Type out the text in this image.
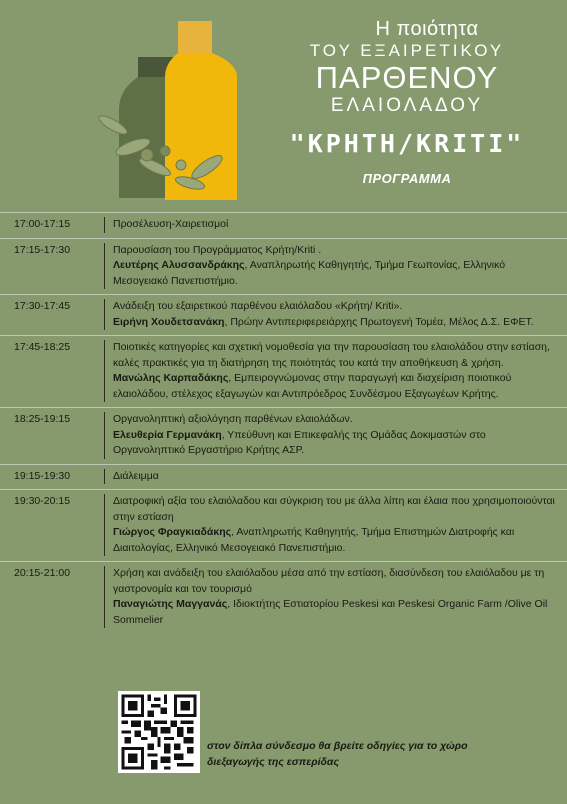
Η ποιότητα
ΤΟΥ ΕΞΑΙΡΕΤΙΚΟΥ
ΠΑΡΘΕΝΟΥ
ΕΛΑΙΟΛΑΔΟΥ
"ΚΡΗΤΗ/KRITI"
ΠΡΟΓΡΑΜΜΑ
17:00-17:15	Προσέλευση-Χαιρετισμοί
17:15-17:30	Παρουσίαση του Προγράμματος Κρήτη/Kriti .
Λευτέρης Αλυσσανδράκης, Αναπληρωτής Καθηγητής, Τμήμα Γεωπονίας, Ελληνικό Μεσογειακό Πανεπιστήμιο.
17:30-17:45	Ανάδειξη του εξαιρετικού παρθένου ελαιόλαδου «Κρήτη/ Kriti».
Ειρήνη Χουδετσανάκη, Πρώην Αντιπεριφερειάρχης Πρωτογενή Τομέα, Μέλος Δ.Σ. ΕΦΕΤ.
17:45-18:25	Ποιοτικές κατηγορίες και σχετική νομοθεσία για την παρουσίαση του ελαιολάδου στην εστίαση, καλές πρακτικές για τη διατήρηση της ποιότητάς του κατά την αποθήκευση & χρήση.
Μανώλης Καρπαδάκης, Εμπειρογνώμονας στην παραγωγή και διαχείριση ποιοτικού ελαιολάδου, στέλεχος εξαγωγών και Αντιπρόεδρος Συνδέσμου Εξαγωγέων Κρήτης.
18:25-19:15	Οργανοληπτική αξιολόγηση παρθένων ελαιολάδων.
Ελευθερία Γερμανάκη, Υπεύθυνη και Επικεφαλής της Ομάδας Δοκιμαστών στο Οργανοληπτικό Εργαστήριο Κρήτης ΑΣΡ.
19:15-19:30	Διάλειμμα
19:30-20:15	Διατροφική αξία του ελαιόλαδου και σύγκριση του με άλλα λίπη και έλαια που χρησιμοποιούνται στην εστίαση
Γιώργος Φραγκιαδάκης, Αναπληρωτής Καθηγητής, Τμήμα Επιστημών Διατροφής και Διαιτολογίας, Ελληνικό Μεσογειακό Πανεπιστήμιο.
20:15-21:00	Χρήση και ανάδειξη του ελαιόλαδου μέσα από την εστίαση, διασύνδεση του ελαιόλαδου με τη γαστρονομία και τον τουρισμό
Παναγιώτης Μαγγανάς, Ιδιοκτήτης Εστιατορίου Peskesi και Peskesi Organic Farm /Olive Oil Sommelier
στον δίπλα σύνδεσμο θα βρείτε οδηγίες για το χώρο
διεξαγωγής της εσπερίδας
